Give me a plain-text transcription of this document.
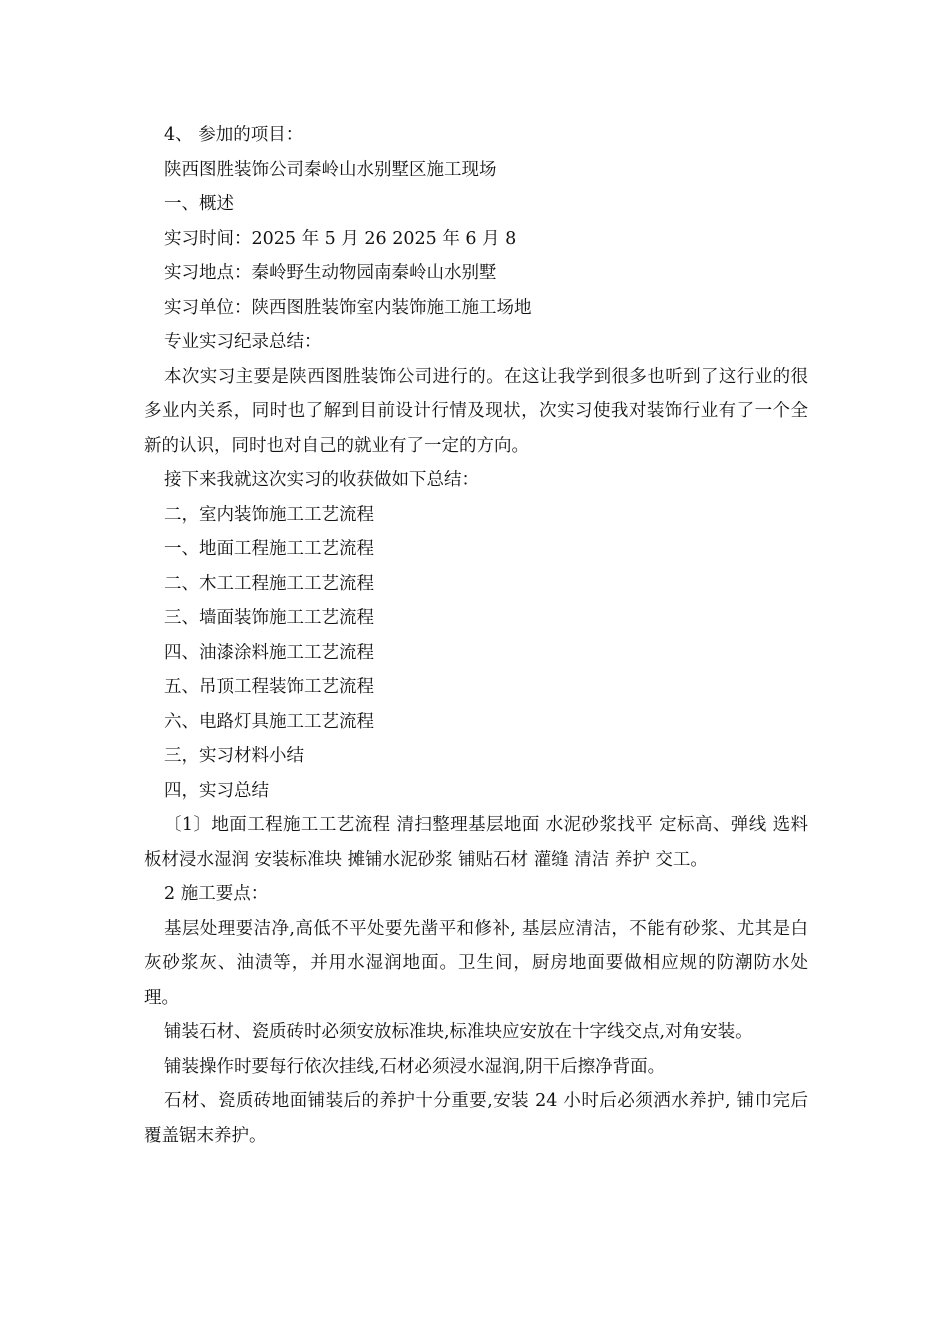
4、 参加的项目：
陕西图胜装饰公司秦岭山水别墅区施工现场
一、概述
实习时间：2025 年 5 月 26 2025 年 6 月 8
实习地点：秦岭野生动物园南秦岭山水别墅
实习单位：陕西图胜装饰室内装饰施工施工场地
专业实习纪录总结：

本次实习主要是陕西图胜装饰公司进行的。在这让我学到很多也听到了这行业的很多业内关系，同时也了解到目前设计行情及现状，次实习使我对装饰行业有了一个全新的认识，同时也对自己的就业有了一定的方向。

接下来我就这次实习的收获做如下总结：
二，室内装饰施工工艺流程
一、地面工程施工工艺流程
二、木工工程施工工艺流程
三、墙面装饰施工工艺流程
四、油漆涂料施工工艺流程
五、吊顶工程装饰工艺流程
六、电路灯具施工工艺流程
三，实习材料小结
四，实习总结

〔1〕地面工程施工工艺流程 清扫整理基层地面 水泥砂浆找平 定标高、弹线 选料 板材浸水湿润 安装标准块 摊铺水泥砂浆 铺贴石材 灌缝 清洁 养护 交工。

2 施工要点：

基层处理要洁净,高低不平处要先凿平和修补, 基层应清洁，不能有砂浆、尤其是白灰砂浆灰、油渍等，并用水湿润地面。卫生间，厨房地面要做相应规的防潮防水处理。

铺装石材、瓷质砖时必须安放标准块,标准块应安放在十字线交点,对角安装。

铺装操作时要每行依次挂线,石材必须浸水湿润,阴干后擦净背面。

石材、瓷质砖地面铺装后的养护十分重要,安装 24 小时后必须洒水养护, 铺巾完后覆盖锯末养护。
